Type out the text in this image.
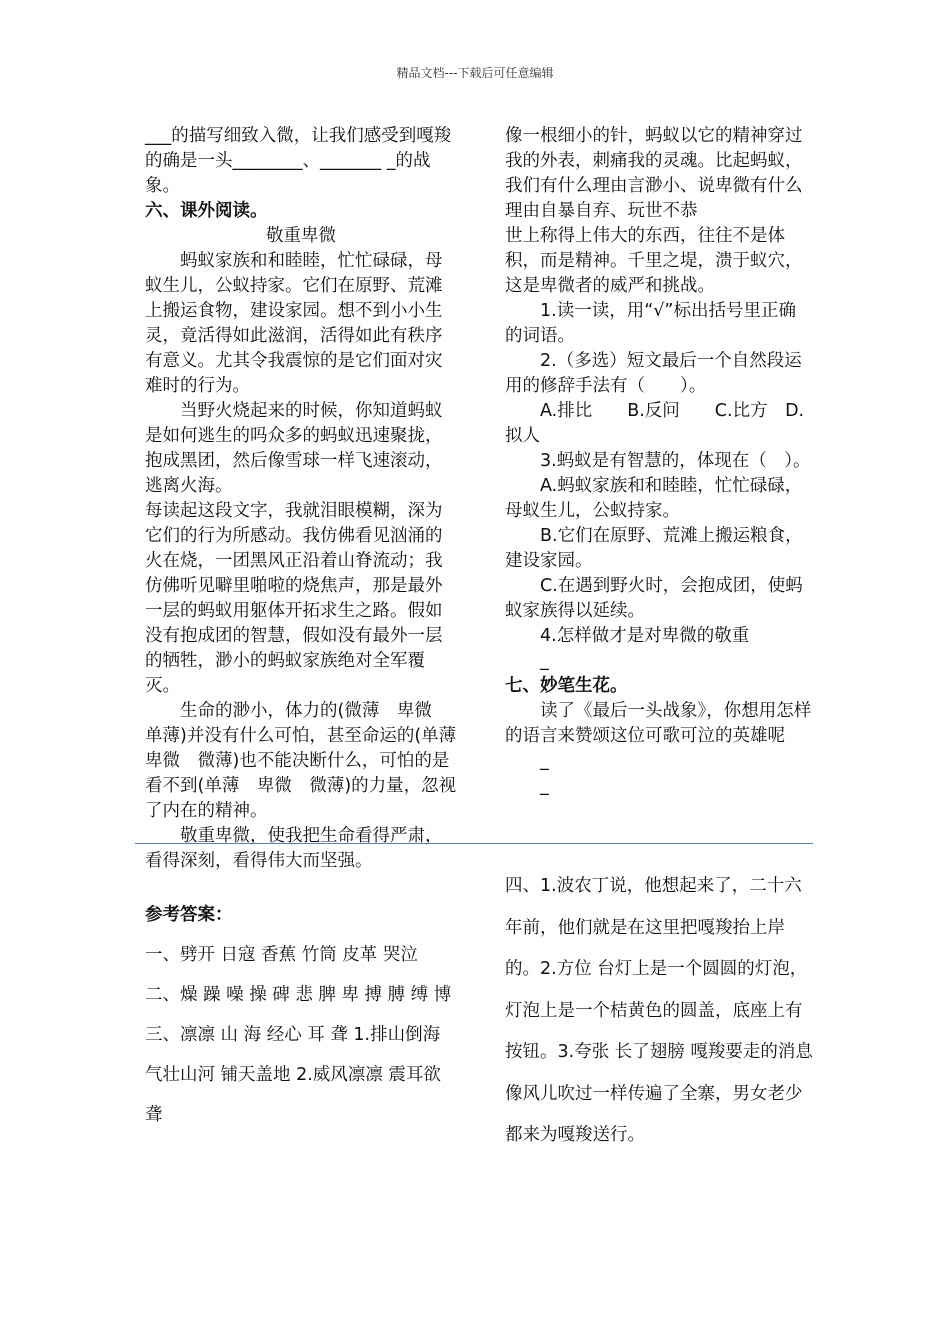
精品文档---下载后可任意编辑

___的描写细致入微，让我们感受到嘎羧的确是一头________、_______ _的战象。

六、课外阅读。

敬重卑微

蚂蚁家族和和睦睦，忙忙碌碌，母蚁生儿，公蚁持家。它们在原野、荒滩上搬运食物，建设家园。想不到小小生灵，竟活得如此滋润，活得如此有秩序有意义。尤其令我震惊的是它们面对灾难时的行为。

当野火烧起来的时候，你知道蚂蚁是如何逃生的吗众多的蚂蚁迅速聚拢，抱成黑团，然后像雪球一样飞速滚动，逃离火海。

每读起这段文字，我就泪眼模糊，深为它们的行为所感动。我仿佛看见汹涌的火在烧，一团黑风正沿着山脊流动；我仿佛听见噼里啪啦的烧焦声，那是最外一层的蚂蚁用躯体开拓求生之路。假如没有抱成团的智慧，假如没有最外一层的牺牲，渺小的蚂蚁家族绝对全军覆灭。

生命的渺小，体力的(微薄　卑微　单薄)并没有什么可怕，甚至命运的(单薄　卑微　微薄)也不能决断什么，可怕的是看不到(单薄　卑微　微薄)的力量，忽视了内在的精神。

敬重卑微，使我把生命看得严肃，看得深刻，看得伟大而坚强。

像一根细小的针，蚂蚁以它的精神穿过我的外表，刺痛我的灵魂。比起蚂蚁，我们有什么理由言渺小、说卑微有什么理由自暴自弃、玩世不恭

世上称得上伟大的东西，往往不是体积，而是精神。千里之堤，溃于蚁穴，这是卑微者的威严和挑战。

1.读一读，用“√”标出括号里正确的词语。

2.（多选）短文最后一个自然段运用的修辞手法有（　　）。

A.排比　　B.反问　　C.比方　D.拟人

3.蚂蚁是有智慧的，体现在（　）。

A.蚂蚁家族和和睦睦，忙忙碌碌，母蚁生儿，公蚁持家。

B.它们在原野、荒滩上搬运粮食，建设家园。

C.在遇到野火时，会抱成团，使蚂蚁家族得以延续。

4.怎样做才是对卑微的敬重

_

七、妙笔生花。

读了《最后一头战象》，你想用怎样的语言来赞颂这位可歌可泣的英雄呢

_

_

参考答案：

一、劈开 日寇 香蕉 竹筒 皮革 哭泣

二、燥 躁 噪 操 碑 悲 脾 卑 搏 膊 缚 博

三、凛凛 山 海 经心 耳 聋 1.排山倒海 气壮山河 铺天盖地 2.威风凛凛 震耳欲聋

四、1.波农丁说，他想起来了，二十六年前，他们就是在这里把嘎羧抬上岸的。2.方位 台灯上是一个圆圆的灯泡，灯泡上是一个桔黄色的圆盖，底座上有按钮。3.夸张 长了翅膀 嘎羧要走的消息像风儿吹过一样传遍了全寨，男女老少都来为嘎羧送行。
